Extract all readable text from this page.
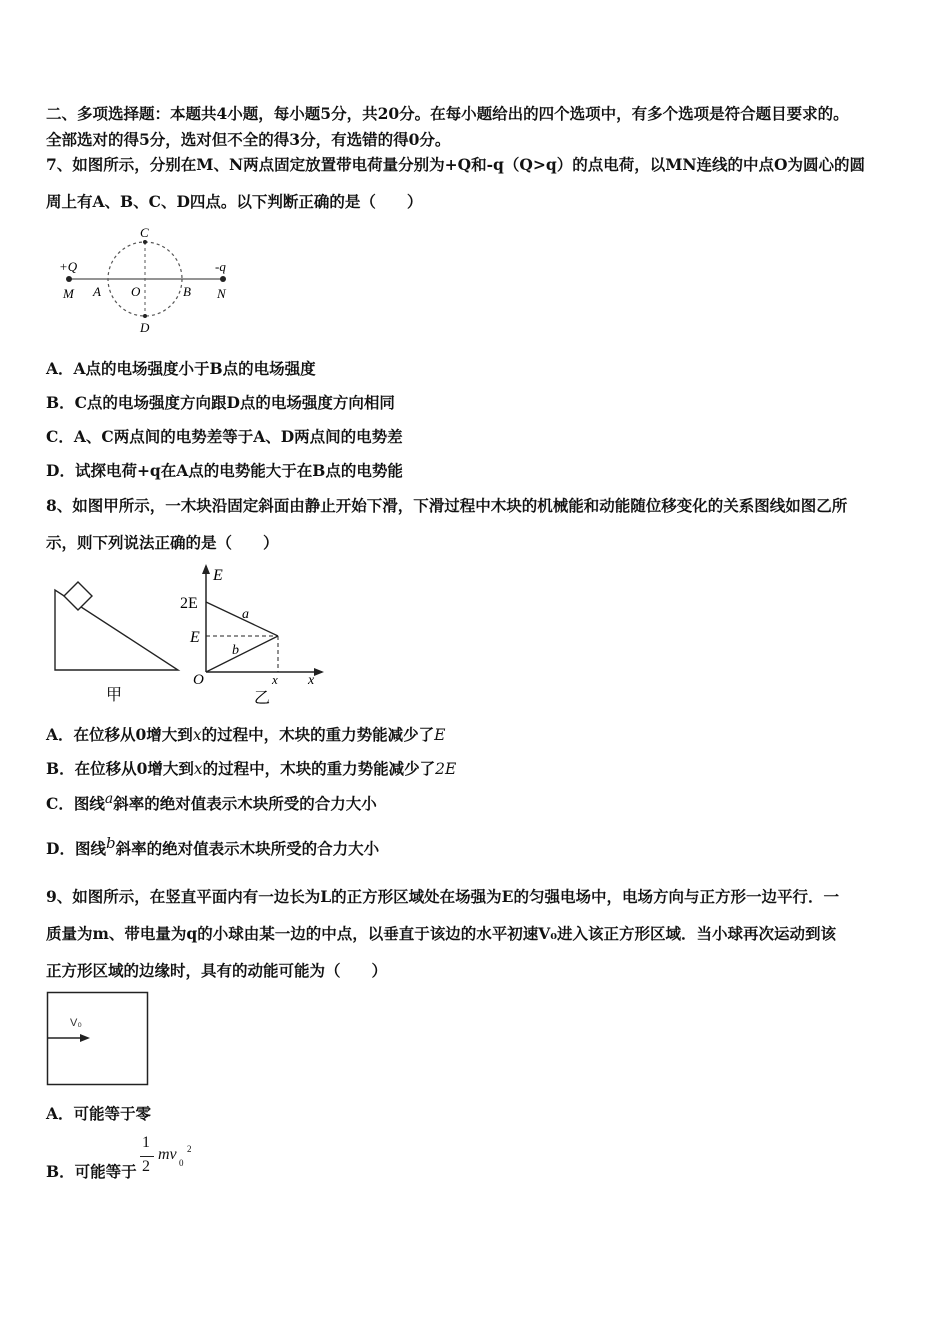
二、多项选择题：本题共4小题，每小题5分，共20分。在每小题给出的四个选项中，有多个选项是符合题目要求的。
全部选对的得5分，选对但不全的得3分，有选错的得0分。
7、如图所示，分别在M、N两点固定放置带电荷量分别为+Q和-q（Q>q）的点电荷，以MN连线的中点O为圆心的圆
周上有A、B、C、D四点。以下判断正确的是（　　）
+Q	-q
M	N
A	B
O
C
D
A．A点的电场强度小于B点的电场强度
B．C点的电场强度方向跟D点的电场强度方向相同
C．A、C两点间的电势差等于A、D两点间的电势差
D．试探电荷+q在A点的电势能大于在B点的电势能
8、如图甲所示，一木块沿固定斜面由静止开始下滑，下滑过程中木块的机械能和动能随位移变化的关系图线如图乙所
示，则下列说法正确的是（　　）
甲
E
2E
E
a
b
O	x x
乙
A．在位移从0增大到x的过程中，木块的重力势能减少了E
B．在位移从0增大到x的过程中，木块的重力势能减少了2E
C．图线$^a$斜率的绝对值表示木块所受的合力大小
D．图线$^b$斜率的绝对值表示木块所受的合力大小
9、如图所示，在竖直平面内有一边长为L的正方形区域处在场强为E的匀强电场中，电场方向与正方形一边平行．一
质量为m、带电量为q的小球由某一边的中点，以垂直于该边的水平初速V₀进入该正方形区域．当小球再次运动到该
正方形区域的边缘时，具有的动能可能为（　　）
V₀
A．可能等于零
B．可能等于
1
2
mv 0
2
